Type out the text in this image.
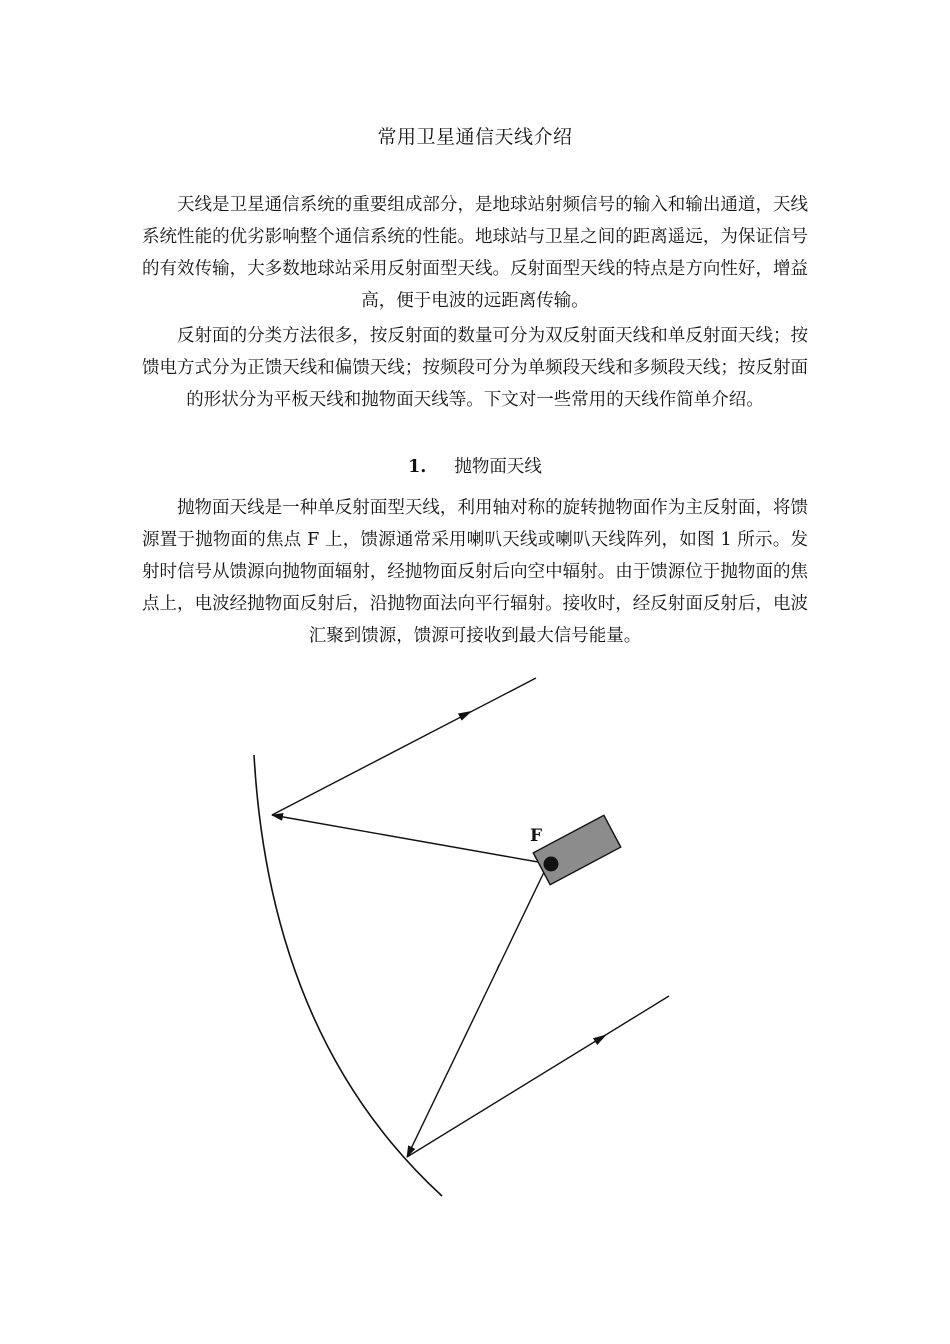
常用卫星通信天线介绍

天线是卫星通信系统的重要组成部分，是地球站射频信号的输入和输出通道，天线系统性能的优劣影响整个通信系统的性能。地球站与卫星之间的距离遥远，为保证信号的有效传输，大多数地球站采用反射面型天线。反射面型天线的特点是方向性好，增益高，便于电波的远距离传输。

反射面的分类方法很多，按反射面的数量可分为双反射面天线和单反射面天线；按馈电方式分为正馈天线和偏馈天线；按频段可分为单频段天线和多频段天线；按反射面的形状分为平板天线和抛物面天线等。下文对一些常用的天线作简单介绍。

1. 抛物面天线

抛物面天线是一种单反射面型天线，利用轴对称的旋转抛物面作为主反射面，将馈源置于抛物面的焦点 F 上，馈源通常采用喇叭天线或喇叭天线阵列，如图 1 所示。发射时信号从馈源向抛物面辐射，经抛物面反射后向空中辐射。由于馈源位于抛物面的焦点上，电波经抛物面反射后，沿抛物面法向平行辐射。接收时，经反射面反射后，电波汇聚到馈源，馈源可接收到最大信号能量。

F
